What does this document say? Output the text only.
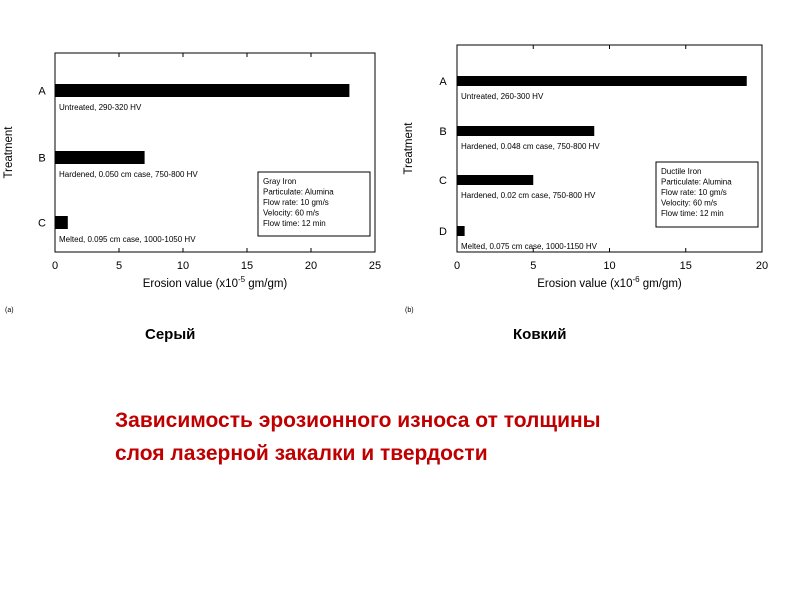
0	5	10	15	20	25
Erosion value ($x10^{-5}$ gm/gm)
Treatment
(a)
A
Untreated, 290-320 HV
B
Hardened, 0.050 cm case, 750-800 HV
C
Melted, 0.095 cm case, 1000-1050 HV
Gray Iron
Particulate: Alumina
Flow rate: 10 gm/s
Velocity: 60 m/s
Flow time: 12 min
0	5	10	15	20
Erosion value ($x10^{-6}$ gm/gm)
Treatment
(b)
A
Untreated, 260-300 HV
B
Hardened, 0.048 cm case, 750-800 HV
C
Hardened, 0.02 cm case, 750-800 HV
D
Melted, 0.075 cm case, 1000-1150 HV
Ductile Iron
Particulate: Alumina
Flow rate: 10 gm/s
Velocity: 60 m/s
Flow time: 12 min
Серый	Ковкий
Зависимость эрозионного износа от толщины
слоя лазерной закалки и твердости
